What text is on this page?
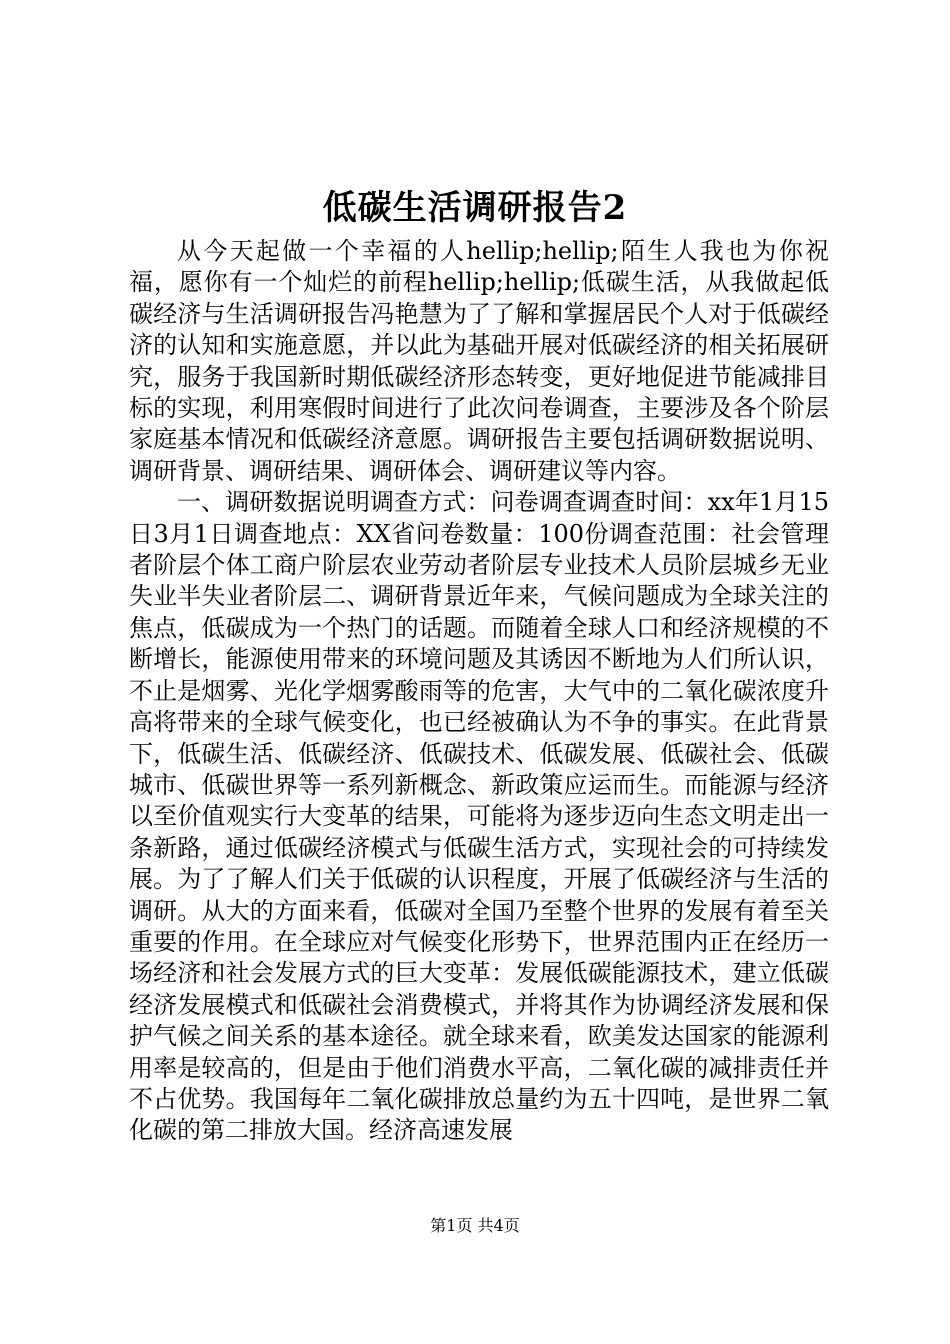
低碳生活调研报告2

从今天起做一个幸福的人hellip;hellip;陌生人我也为你祝福，愿你有一个灿烂的前程hellip;hellip;低碳生活，从我做起低碳经济与生活调研报告冯艳慧为了了解和掌握居民个人对于低碳经济的认知和实施意愿，并以此为基础开展对低碳经济的相关拓展研究，服务于我国新时期低碳经济形态转变，更好地促进节能减排目标的实现，利用寒假时间进行了此次问卷调查，主要涉及各个阶层家庭基本情况和低碳经济意愿。调研报告主要包括调研数据说明、调研背景、调研结果、调研体会、调研建议等内容。

一、调研数据说明调查方式：问卷调查调查时间：xx年1月15日3月1日调查地点：XX省问卷数量：100份调查范围：社会管理者阶层个体工商户阶层农业劳动者阶层专业技术人员阶层城乡无业失业半失业者阶层二、调研背景近年来，气候问题成为全球关注的焦点，低碳成为一个热门的话题。而随着全球人口和经济规模的不断增长，能源使用带来的环境问题及其诱因不断地为人们所认识，不止是烟雾、光化学烟雾酸雨等的危害，大气中的二氧化碳浓度升高将带来的全球气候变化，也已经被确认为不争的事实。在此背景下，低碳生活、低碳经济、低碳技术、低碳发展、低碳社会、低碳城市、低碳世界等一系列新概念、新政策应运而生。而能源与经济以至价值观实行大变革的结果，可能将为逐步迈向生态文明走出一条新路，通过低碳经济模式与低碳生活方式，实现社会的可持续发展。为了了解人们关于低碳的认识程度，开展了低碳经济与生活的调研。从大的方面来看，低碳对全国乃至整个世界的发展有着至关重要的作用。在全球应对气候变化形势下，世界范围内正在经历一场经济和社会发展方式的巨大变革：发展低碳能源技术，建立低碳经济发展模式和低碳社会消费模式，并将其作为协调经济发展和保护气候之间关系的基本途径。就全球来看，欧美发达国家的能源利用率是较高的，但是由于他们消费水平高，二氧化碳的减排责任并不占优势。我国每年二氧化碳排放总量约为五十四吨，是世界二氧化碳的第二排放大国。经济高速发展

第1页 共4页
